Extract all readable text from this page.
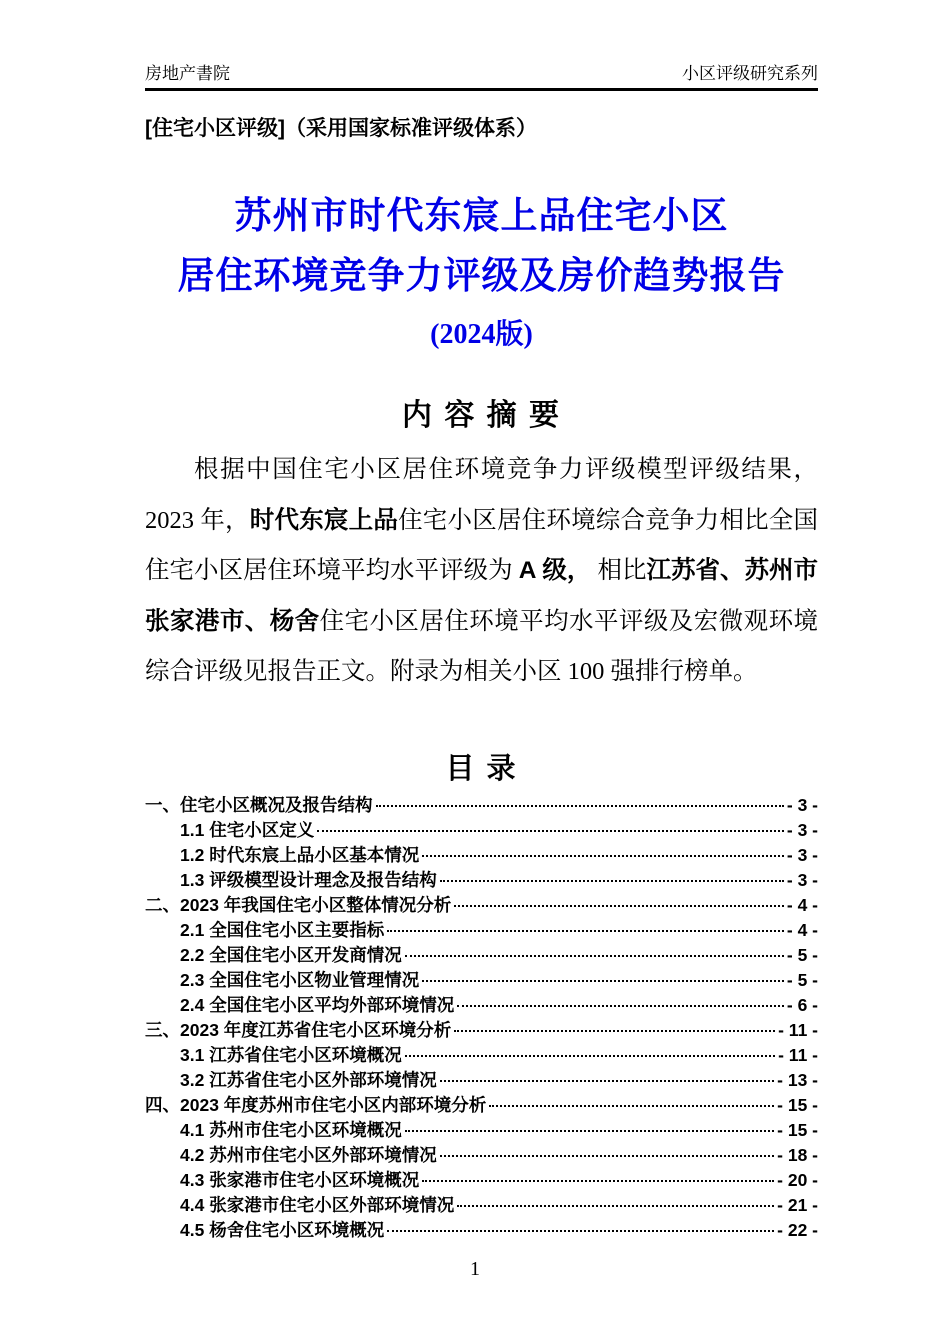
房地产書院	小区评级研究系列
[住宅小区评级]（采用国家标准评级体系）
苏州市时代东宸上品住宅小区
居住环境竞争力评级及房价趋势报告
(2024版)
内 容 摘 要
根据中国住宅小区居住环境竞争力评级模型评级结果，2023 年，时代东宸上品住宅小区居住环境综合竞争力相比全国住宅小区居住环境平均水平评级为 A 级， 相比江苏省、苏州市张家港市、杨舍住宅小区居住环境平均水平评级及宏微观环境综合评级见报告正文。附录为相关小区 100 强排行榜单。
目 录
一、住宅小区概况及报告结构	- 3 -
1.1 住宅小区定义	- 3 -
1.2 时代东宸上品小区基本情况	- 3 -
1.3 评级模型设计理念及报告结构	- 3 -
二、2023 年我国住宅小区整体情况分析	- 4 -
2.1 全国住宅小区主要指标	- 4 -
2.2 全国住宅小区开发商情况	- 5 -
2.3 全国住宅小区物业管理情况	- 5 -
2.4 全国住宅小区平均外部环境情况	- 6 -
三、2023 年度江苏省住宅小区环境分析	- 11 -
3.1 江苏省住宅小区环境概况	- 11 -
3.2 江苏省住宅小区外部环境情况	- 13 -
四、2023 年度苏州市住宅小区内部环境分析	- 15 -
4.1 苏州市住宅小区环境概况	- 15 -
4.2 苏州市住宅小区外部环境情况	- 18 -
4.3 张家港市住宅小区环境概况	- 20 -
4.4 张家港市住宅小区外部环境情况	- 21 -
4.5 杨舍住宅小区环境概况	- 22 -
1
